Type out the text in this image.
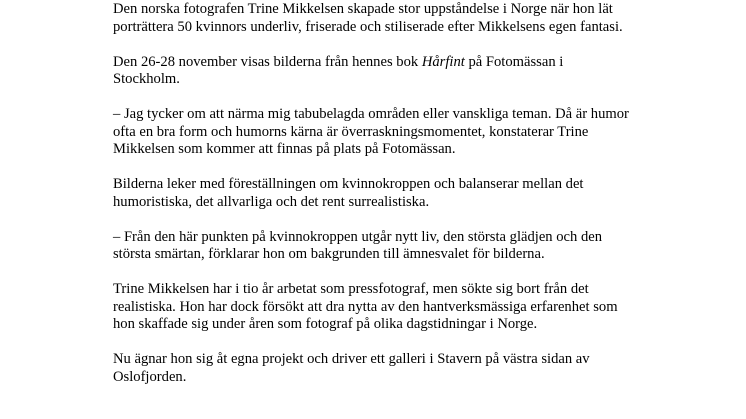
Den norska fotografen Trine Mikkelsen skapade stor uppståndelse i Norge när hon lät porträttera 50 kvinnors underliv, friserade och stiliserade efter Mikkelsens egen fantasi.

Den 26-28 november visas bilderna från hennes bok Hårfint på Fotomässan i Stockholm.

– Jag tycker om att närma mig tabubelagda områden eller vanskliga teman. Då är humor ofta en bra form och humorns kärna är överraskningsmomentet, konstaterar Trine Mikkelsen som kommer att finnas på plats på Fotomässan.

Bilderna leker med föreställningen om kvinnokroppen och balanserar mellan det humoristiska, det allvarliga och det rent surrealistiska.

– Från den här punkten på kvinnokroppen utgår nytt liv, den största glädjen och den största smärtan, förklarar hon om bakgrunden till ämnesvalet för bilderna.

Trine Mikkelsen har i tio år arbetat som pressfotograf, men sökte sig bort från det realistiska. Hon har dock försökt att dra nytta av den hantverksmässiga erfarenhet som hon skaffade sig under åren som fotograf på olika dagstidningar i Norge.

Nu ägnar hon sig åt egna projekt och driver ett galleri i Stavern på västra sidan av Oslofjorden.
